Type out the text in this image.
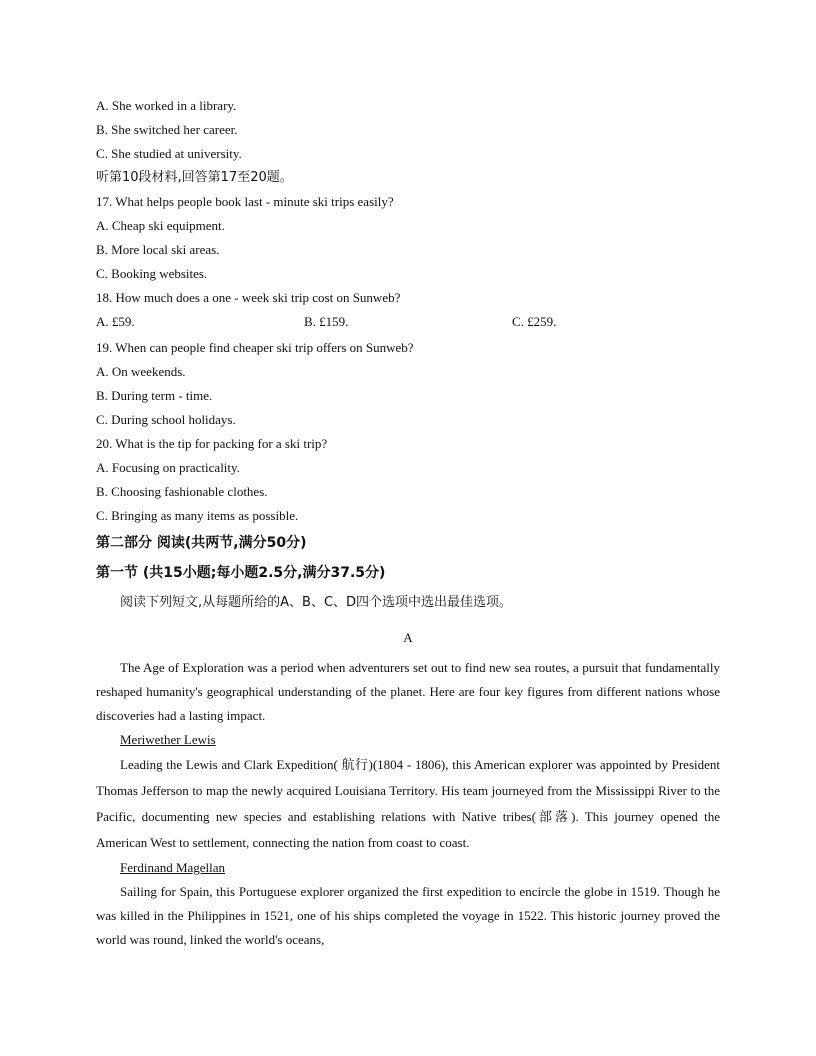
A. She worked in a library.
B. She switched her career.
C. She studied at university.
听第10段材料,回答第17至20题。
17. What helps people book last - minute ski trips easily?
A. Cheap ski equipment.
B. More local ski areas.
C. Booking websites.
18. How much does a one - week ski trip cost on Sunweb?
A. £59.	B. £159.	C. £259.
19. When can people find cheaper ski trip offers on Sunweb?
A. On weekends.
B. During term - time.
C. During school holidays.
20. What is the tip for packing for a ski trip?
A. Focusing on practicality.
B. Choosing fashionable clothes.
C. Bringing as many items as possible.
第二部分 阅读(共两节,满分50分)
第一节 (共15小题;每小题2.5分,满分37.5分)
阅读下列短文,从每题所给的A、B、C、D四个选项中选出最佳选项。
A

The Age of Exploration was a period when adventurers set out to find new sea routes, a pursuit that fundamentally reshaped humanity's geographical understanding of the planet. Here are four key figures from different nations whose discoveries had a lasting impact.

Meriwether Lewis

Leading the Lewis and Clark Expedition( 航行)(1804 - 1806), this American explorer was appointed by President Thomas Jefferson to map the newly acquired Louisiana Territory. His team journeyed from the Mississippi River to the Pacific, documenting new species and establishing relations with Native tribes(部落). This journey opened the American West to settlement, connecting the nation from coast to coast.

Ferdinand Magellan

Sailing for Spain, this Portuguese explorer organized the first expedition to encircle the globe in 1519. Though he was killed in the Philippines in 1521, one of his ships completed the voyage in 1522. This historic journey proved the world was round, linked the world's oceans,
